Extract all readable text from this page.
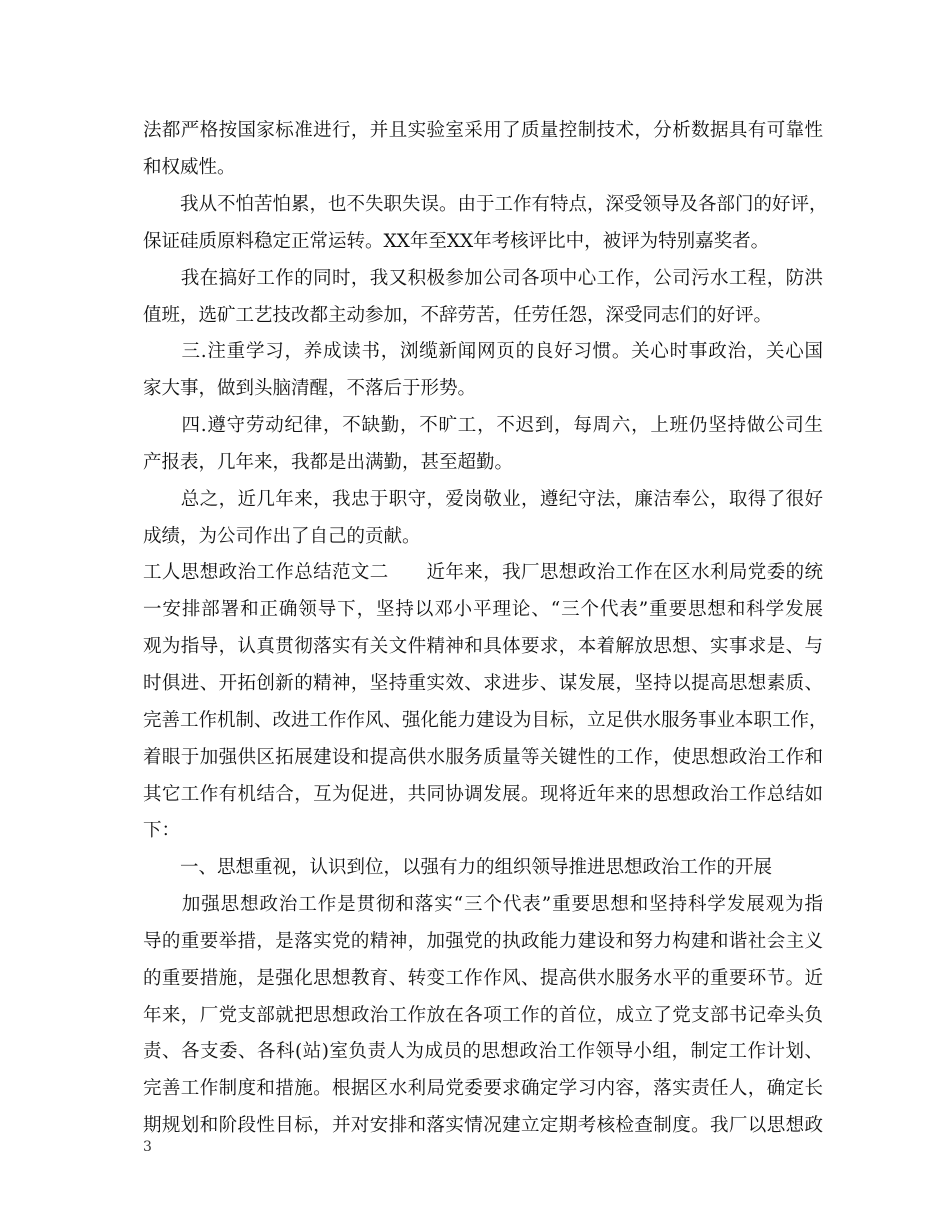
法都严格按国家标准进行，并且实验室采用了质量控制技术，分析数据具有可靠性
和权威性。
　　我从不怕苦怕累，也不失职失误。由于工作有特点，深受领导及各部门的好评，
保证硅质原料稳定正常运转。XX年至XX年考核评比中，被评为特别嘉奖者。
　　我在搞好工作的同时，我又积极参加公司各项中心工作，公司污水工程，防洪
值班，选矿工艺技改都主动参加，不辞劳苦，任劳任怨，深受同志们的好评。
　　三.注重学习，养成读书，浏缆新闻网页的良好习惯。关心时事政治，关心国
家大事，做到头脑清醒，不落后于形势。
　　四.遵守劳动纪律，不缺勤，不旷工，不迟到，每周六，上班仍坚持做公司生
产报表，几年来，我都是出满勤，甚至超勤。
　　总之，近几年来，我忠于职守，爱岗敬业，遵纪守法，廉洁奉公，取得了很好
成绩，为公司作出了自己的贡献。
工人思想政治工作总结范文二　　近年来，我厂思想政治工作在区水利局党委的统
一安排部署和正确领导下，坚持以邓小平理论、“三个代表”重要思想和科学发展
观为指导，认真贯彻落实有关文件精神和具体要求，本着解放思想、实事求是、与
时俱进、开拓创新的精神，坚持重实效、求进步、谋发展，坚持以提高思想素质、
完善工作机制、改进工作作风、强化能力建设为目标，立足供水服务事业本职工作，
着眼于加强供区拓展建设和提高供水服务质量等关键性的工作，使思想政治工作和
其它工作有机结合，互为促进，共同协调发展。现将近年来的思想政治工作总结如
下：
　　一、思想重视，认识到位，以强有力的组织领导推进思想政治工作的开展
　　加强思想政治工作是贯彻和落实“三个代表”重要思想和坚持科学发展观为指
导的重要举措，是落实党的精神，加强党的执政能力建设和努力构建和谐社会主义
的重要措施，是强化思想教育、转变工作作风、提高供水服务水平的重要环节。近
年来，厂党支部就把思想政治工作放在各项工作的首位，成立了党支部书记牵头负
责、各支委、各科(站)室负责人为成员的思想政治工作领导小组，制定工作计划、
完善工作制度和措施。根据区水利局党委要求确定学习内容，落实责任人，确定长
期规划和阶段性目标，并对安排和落实情况建立定期考核检查制度。我厂以思想政
3
